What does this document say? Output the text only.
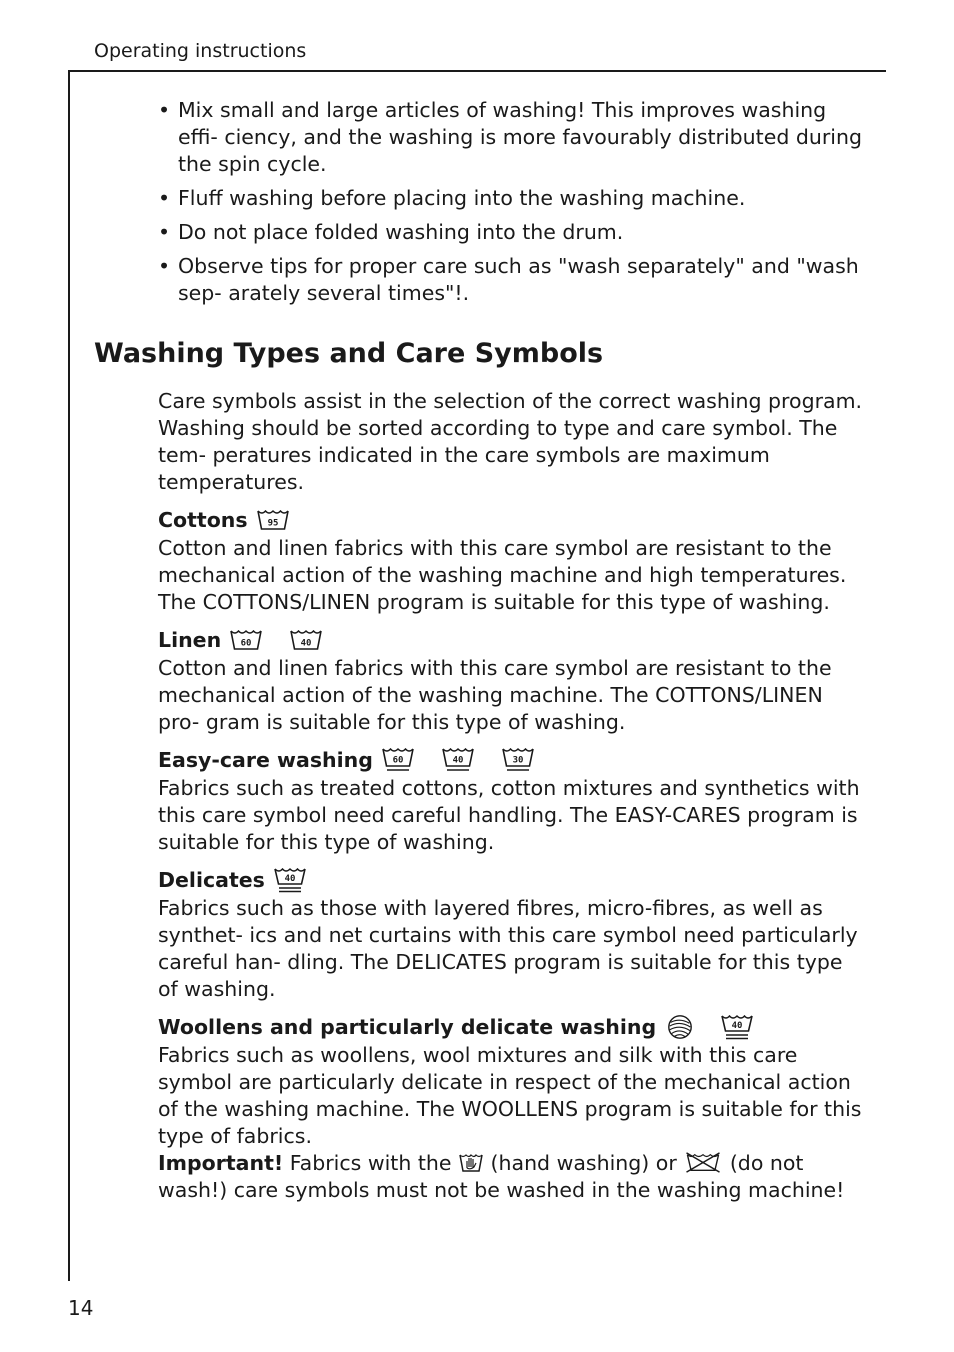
Operating instructions
14
• Mix small and large articles of washing! This improves washing effi- ciency, and the washing is more favourably distributed during the spin cycle.
• Fluff washing before placing into the washing machine.
• Do not place folded washing into the drum.
• Observe tips for proper care such as "wash separately" and "wash sep- arately several times"!.
Washing Types and Care Symbols

Care symbols assist in the selection of the correct washing program. Washing should be sorted according to type and care symbol. The tem- peratures indicated in the care symbols are maximum temperatures.

Cottons 95

Cotton and linen fabrics with this care symbol are resistant to the mechanical action of the washing machine and high temperatures. The COTTONS/LINEN program is suitable for this type of washing.

Linen 60	40

Cotton and linen fabrics with this care symbol are resistant to the mechanical action of the washing machine. The COTTONS/LINEN pro- gram is suitable for this type of washing.

Easy-care washing 60	40	30

Fabrics such as treated cottons, cotton mixtures and synthetics with this care symbol need careful handling. The EASY-CARES program is suitable for this type of washing.

Delicates 40

Fabrics such as those with layered fibres, micro-fibres, as well as synthet- ics and net curtains with this care symbol need particularly careful han- dling. The DELICATES program is suitable for this type of washing.

Woollens and particularly delicate washing	40

Fabrics such as woollens, wool mixtures and silk with this care symbol are particularly delicate in respect of the mechanical action of the washing machine. The WOOLLENS program is suitable for this type of fabrics.

Important! Fabrics with the  (hand washing) or  (do not wash!) care symbols must not be washed in the washing machine!
